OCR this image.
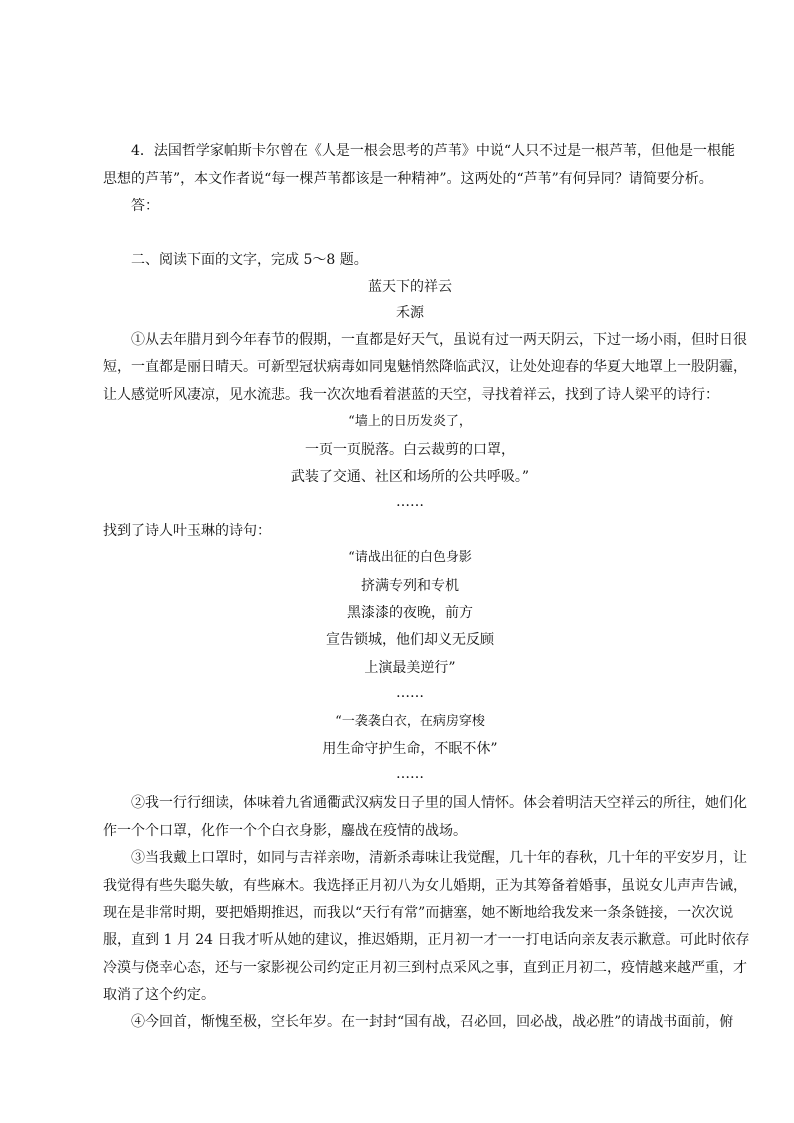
4．法国哲学家帕斯卡尔曾在《人是一根会思考的芦苇》中说“人只不过是一根芦苇，但他是一根能
思想的芦苇”，本文作者说“每一棵芦苇都该是一种精神”。这两处的“芦苇”有何异同？请简要分析。
答：
二、阅读下面的文字，完成 5～8 题。
蓝天下的祥云
禾源
①从去年腊月到今年春节的假期，一直都是好天气，虽说有过一两天阴云，下过一场小雨，但时日很
短，一直都是丽日晴天。可新型冠状病毒如同鬼魅悄然降临武汉，让处处迎春的华夏大地罩上一股阴霾，
让人感觉听风凄凉，见水流悲。我一次次地看着湛蓝的天空，寻找着祥云，找到了诗人梁平的诗行：
“墙上的日历发炎了，
一页一页脱落。白云裁剪的口罩，
武装了交通、社区和场所的公共呼吸。”
……
找到了诗人叶玉琳的诗句：
“请战出征的白色身影
挤满专列和专机
黑漆漆的夜晚，前方
宣告锁城，他们却义无反顾
上演最美逆行”
……
“一袭袭白衣，在病房穿梭
用生命守护生命，不眠不休”
……
②我一行行细读，体味着九省通衢武汉病发日子里的国人情怀。体会着明洁天空祥云的所往，她们化
作一个个口罩，化作一个个白衣身影，鏖战在疫情的战场。
③当我戴上口罩时，如同与吉祥亲吻，清新杀毒味让我觉醒，几十年的春秋，几十年的平安岁月，让
我觉得有些失聪失敏，有些麻木。我选择正月初八为女儿婚期，正为其筹备着婚事，虽说女儿声声告诫，
现在是非常时期，要把婚期推迟，而我以“天行有常”而搪塞，她不断地给我发来一条条链接，一次次说
服，直到 1 月 24 日我才听从她的建议，推迟婚期，正月初一才一一打电话向亲友表示歉意。可此时依存
冷漠与侥幸心态，还与一家影视公司约定正月初三到村点采风之事，直到正月初二，疫情越来越严重，才
取消了这个约定。
④今回首，惭愧至极，空长年岁。在一封封“国有战，召必回，回必战，战必胜”的请战书面前，俯
